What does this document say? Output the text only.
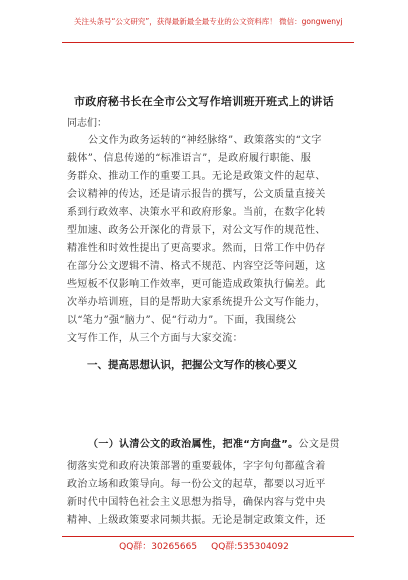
关注头条号“公文研究”，获得最新最全最专业的公文资料库！ 微信：gongwenyj
市政府秘书长在全市公文写作培训班开班式上的讲话
同志们：
公文作为政务运转的“神经脉络”、政策落实的“文字
载体”、信息传递的“标准语言”，是政府履行职能、服
务群众、推动工作的重要工具。无论是政策文件的起草、
会议精神的传达，还是请示报告的撰写，公文质量直接关
系到行政效率、决策水平和政府形象。当前，在数字化转
型加速、政务公开深化的背景下，对公文写作的规范性、
精准性和时效性提出了更高要求。然而，日常工作中仍存
在部分公文逻辑不清、格式不规范、内容空泛等问题，这
些短板不仅影响工作效率，更可能造成政策执行偏差。此
次举办培训班，目的是帮助大家系统提升公文写作能力，
以“笔力”强“脑力”、促“行动力”。下面，我围绕公
文写作工作，从三个方面与大家交流：
一、提高思想认识，把握公文写作的核心要义
（一）认清公文的政治属性，把准“方向盘”。公文是贯
彻落实党和政府决策部署的重要载体，字字句句都蕴含着
政治立场和政策导向。每一份公文的起草，都要以习近平
新时代中国特色社会主义思想为指导，确保内容与党中央
精神、上级政策要求同频共振。无论是制定政策文件，还
QQ群：30265665 QQ群:535304092
